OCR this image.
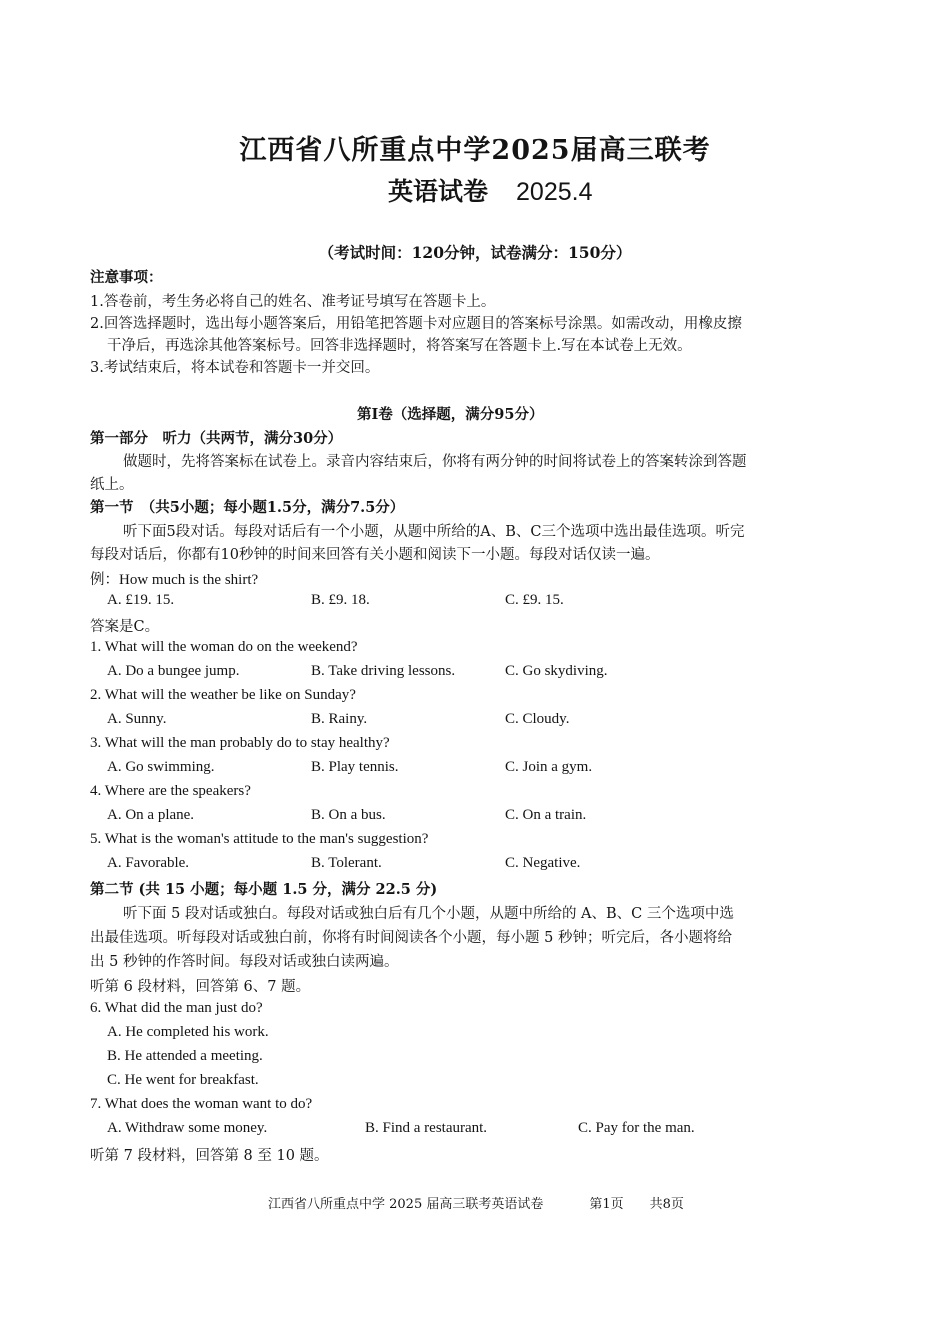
江西省八所重点中学2025届高三联考
英语试卷 2025.4
（考试时间：120分钟，试卷满分：150分）
注意事项：
1.答卷前，考生务必将自己的姓名、准考证号填写在答题卡上。
2.回答选择题时，选出每小题答案后，用铅笔把答题卡对应题目的答案标号涂黑。如需改动，用橡皮擦
干净后，再选涂其他答案标号。回答非选择题时，将答案写在答题卡上.写在本试卷上无效。
3.考试结束后，将本试卷和答题卡一并交回。
第Ⅰ卷（选择题，满分95分）
第一部分　听力（共两节，满分30分）
做题时，先将答案标在试卷上。录音内容结束后，你将有两分钟的时间将试卷上的答案转涂到答题
纸上。
第一节　（共5小题；每小题1.5分，满分7.5分）
听下面5段对话。每段对话后有一个小题，从题中所给的A、B、C三个选项中选出最佳选项。听完
每段对话后，你都有10秒钟的时间来回答有关小题和阅读下一小题。每段对话仅读一遍。
例：How much is the shirt?
A. £19. 15.	B. £9. 18.	C. £9. 15.
答案是C。
1. What will the woman do on the weekend?
A. Do a bungee jump.	B. Take driving lessons.	C. Go skydiving.
2. What will the weather be like on Sunday?
A. Sunny.	B. Rainy.	C. Cloudy.
3. What will the man probably do to stay healthy?
A. Go swimming.	B. Play tennis.	C. Join a gym.
4. Where are the speakers?
A. On a plane.	B. On a bus.	C. On a train.
5. What is the woman's attitude to the man's suggestion?
A. Favorable.	B. Tolerant.	C. Negative.
第二节 (共 15 小题；每小题 1.5 分，满分 22.5 分)
听下面 5 段对话或独白。每段对话或独白后有几个小题，从题中所给的 A、B、C 三个选项中选
出最佳选项。听每段对话或独白前，你将有时间阅读各个小题，每小题 5 秒钟；听完后，各小题将给
出 5 秒钟的作答时间。每段对话或独白读两遍。
听第 6 段材料，回答第 6、7 题。
6. What did the man just do?
A. He completed his work.
B. He attended a meeting.
C. He went for breakfast.
7. What does the woman want to do?
A. Withdraw some money.	B. Find a restaurant.	C. Pay for the man.
听第 7 段材料，回答第 8 至 10 题。
江西省八所重点中学 2025 届高三联考英语试卷	第1页 共8页
